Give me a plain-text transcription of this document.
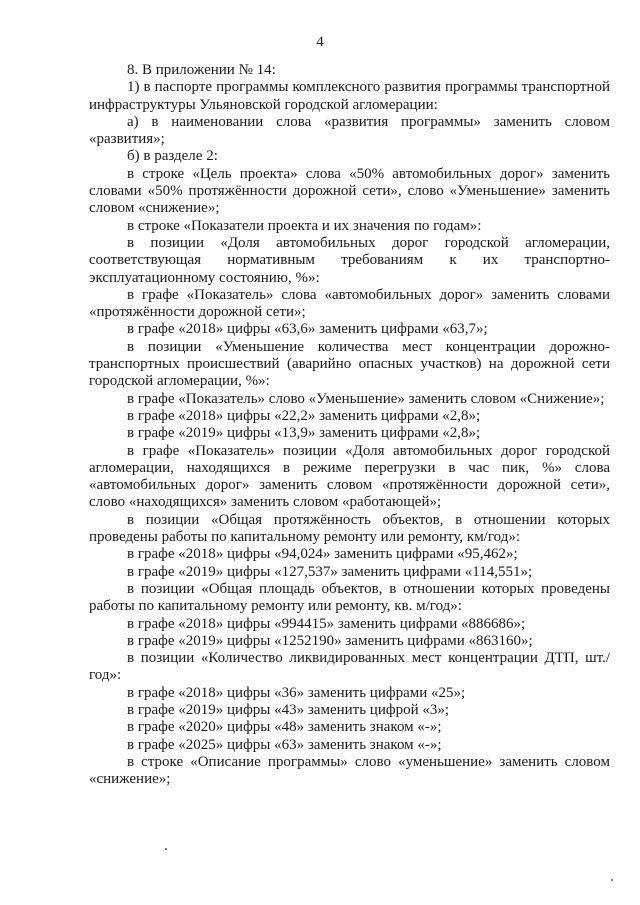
4

8. В приложении № 14:

1) в паспорте программы комплексного развития программы транспортной инфраструктуры Ульяновской городской агломерации:

а) в наименовании слова «развития программы» заменить словом «развития»;

б) в разделе 2:

в строке «Цель проекта» слова «50% автомобильных дорог» заменить словами «50% протяжённости дорожной сети», слово «Уменьшение» заменить словом «снижение»;

в строке «Показатели проекта и их значения по годам»:

в позиции «Доля автомобильных дорог городской агломерации, соответствующая нормативным требованиям к их транспортно-эксплуатационному состоянию, %»:

в графе «Показатель» слова «автомобильных дорог» заменить словами «протяжённости дорожной сети»;

в графе «2018» цифры «63,6» заменить цифрами «63,7»;

в позиции «Уменьшение количества мест концентрации дорожно-транспортных происшествий (аварийно опасных участков) на дорожной сети городской агломерации, %»:

в графе «Показатель» слово «Уменьшение» заменить словом «Снижение»;

в графе «2018» цифры «22,2» заменить цифрами «2,8»;

в графе «2019» цифры «13,9» заменить цифрами «2,8»;

в графе «Показатель» позиции «Доля автомобильных дорог городской агломерации, находящихся в режиме перегрузки в час пик, %» слова «автомобильных дорог» заменить словом «протяжённости дорожной сети», слово «находящихся» заменить словом «работающей»;

в позиции «Общая протяжённость объектов, в отношении которых проведены работы по капитальному ремонту или ремонту, км/год»:

в графе «2018» цифры «94,024» заменить цифрами «95,462»;

в графе «2019» цифры «127,537» заменить цифрами «114,551»;

в позиции «Общая площадь объектов, в отношении которых проведены работы по капитальному ремонту или ремонту, кв. м/год»:

в графе «2018» цифры «994415» заменить цифрами «886686»;

в графе «2019» цифры «1252190» заменить цифрами «863160»;

в позиции «Количество ликвидированных мест концентрации ДТП, шт./год»:

в графе «2018» цифры «36» заменить цифрами «25»;

в графе «2019» цифры «43» заменить цифрой «3»;

в графе «2020» цифры «48» заменить знаком «-»;

в графе «2025» цифры «63» заменить знаком «-»;

в строке «Описание программы» слово «уменьшение» заменить словом «снижение»;
